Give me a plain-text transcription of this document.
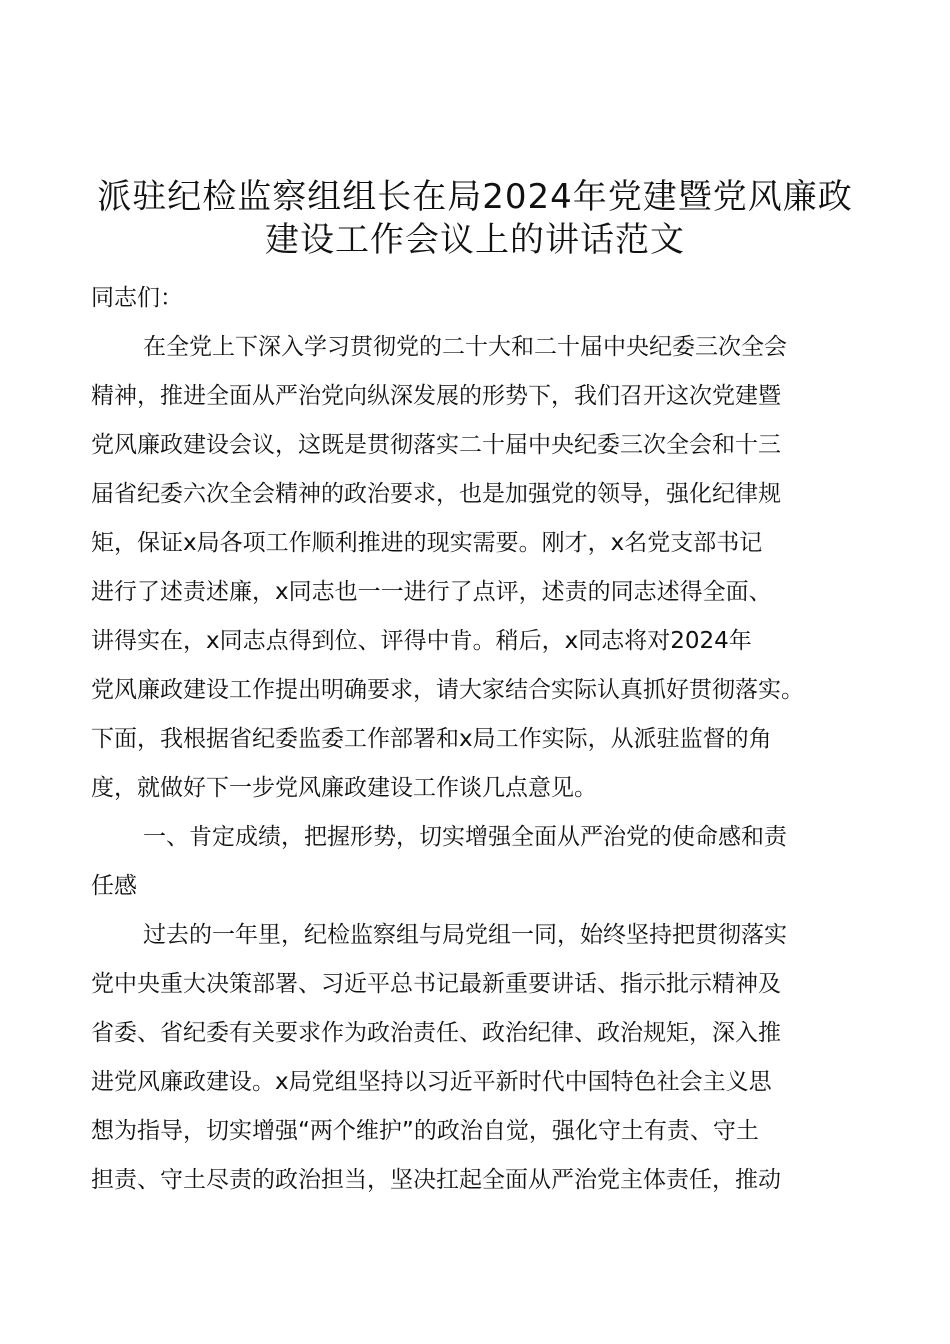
派驻纪检监察组组长在局2024年党建暨党风廉政
建设工作会议上的讲话范文
同志们：
在全党上下深入学习贯彻党的二十大和二十届中央纪委三次全会
精神，推进全面从严治党向纵深发展的形势下，我们召开这次党建暨
党风廉政建设会议，这既是贯彻落实二十届中央纪委三次全会和十三
届省纪委六次全会精神的政治要求，也是加强党的领导，强化纪律规
矩，保证x局各项工作顺利推进的现实需要。刚才，x名党支部书记
进行了述责述廉，x同志也一一进行了点评，述责的同志述得全面、
讲得实在，x同志点得到位、评得中肯。稍后，x同志将对2024年
党风廉政建设工作提出明确要求，请大家结合实际认真抓好贯彻落实。
下面，我根据省纪委监委工作部署和x局工作实际，从派驻监督的角
度，就做好下一步党风廉政建设工作谈几点意见。
一、肯定成绩，把握形势，切实增强全面从严治党的使命感和责
任感
过去的一年里，纪检监察组与局党组一同，始终坚持把贯彻落实
党中央重大决策部署、习近平总书记最新重要讲话、指示批示精神及
省委、省纪委有关要求作为政治责任、政治纪律、政治规矩，深入推
进党风廉政建设。x局党组坚持以习近平新时代中国特色社会主义思
想为指导，切实增强“两个维护”的政治自觉，强化守土有责、守土
担责、守土尽责的政治担当，坚决扛起全面从严治党主体责任，推动
